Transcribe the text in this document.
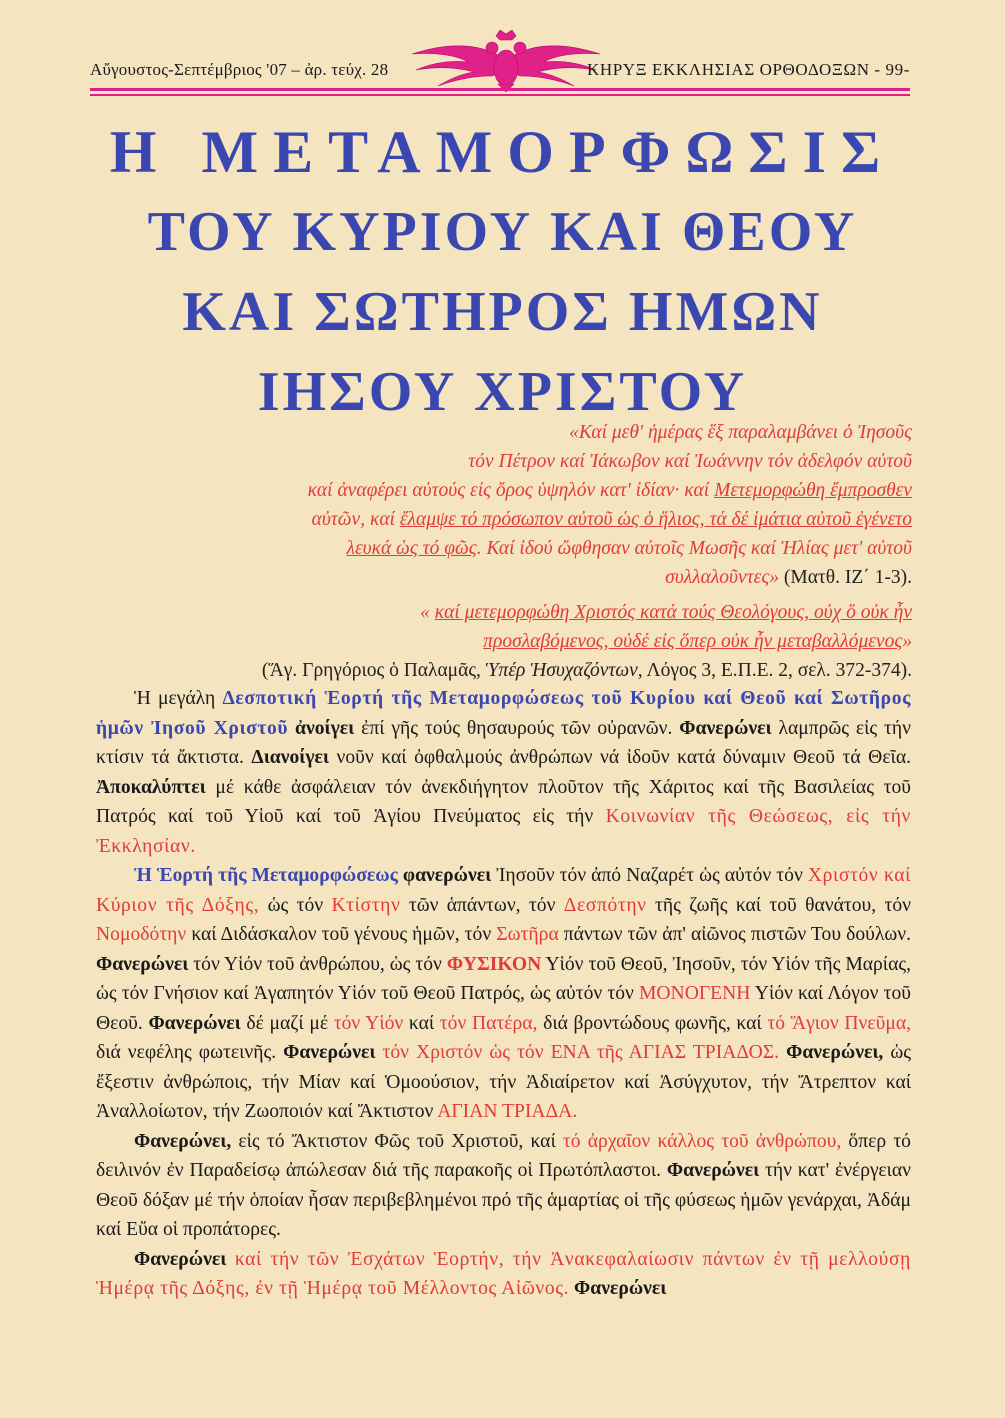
Αὔγουστος-Σεπτέμβριος '07 – ἀρ. τεύχ. 28	ΚΗΡΥΞ ΕΚΚΛΗΣΙΑΣ ΟΡΘΟΔΟΞΩΝ - 99-
Η ΜΕΤΑΜΟΡΦΩΣΙΣ
ΤΟΥ ΚΥΡΙΟΥ ΚΑΙ ΘΕΟΥ
ΚΑΙ ΣΩΤΗΡΟΣ ΗΜΩΝ
ΙΗΣΟΥ ΧΡΙΣΤΟΥ
«Καί μεθ' ἡμέρας ἕξ παραλαμβάνει ὁ Ἰησοῦς
τόν Πέτρον καί Ἰάκωβον καί Ἰωάννην τόν ἀδελφόν αὐτοῦ
καί ἀναφέρει αὐτούς εἰς ὄρος ὑψηλόν κατ' ἰδίαν· καί Μετεμορφώθη ἔμπροσθεν
αὐτῶν, καί ἔλαμψε τό πρόσωπον αὐτοῦ ὡς ὁ ἥλιος, τά δέ ἱμάτια αὐτοῦ ἐγένετο
λευκά ὡς τό φῶς. Καί ἰδού ὤφθησαν αὐτοῖς Μωσῆς καί Ἠλίας μετ' αὐτοῦ
συλλαλοῦντες» (Ματθ. ΙΖ΄ 1-3).
« καί μετεμορφώθη Χριστός κατά τούς Θεολόγους, οὐχ ὅ οὐκ ἦν
προσλαβόμενος, οὐδέ εἰς ὅπερ οὐκ ἦν μεταβαλλόμενος»
(Ἅγ. Γρηγόριος ὁ Παλαμᾶς, Ὑπέρ Ἡσυχαζόντων, Λόγος 3, Ε.Π.Ε. 2, σελ. 372-374).

Ἡ μεγάλη Δεσποτική Ἑορτή τῆς Μεταμορφώσεως τοῦ Κυρίου καί Θεοῦ καί Σωτῆρος ἡμῶν Ἰησοῦ Χριστοῦ ἀνοίγει ἐπί γῆς τούς θησαυρούς τῶν οὐρανῶν. Φανερώνει λαμπρῶς εἰς τήν κτίσιν τά ἄκτιστα. Διανοίγει νοῦν καί ὀφθαλμούς ἀνθρώπων νά ἰδοῦν κατά δύναμιν Θεοῦ τά Θεῖα. Ἀποκαλύπτει μέ κάθε ἀσφάλειαν τόν ἀνεκδιήγητον πλοῦτον τῆς Χάριτος καί τῆς Βασιλείας τοῦ Πατρός καί τοῦ Υἱοῦ καί τοῦ Ἁγίου Πνεύματος εἰς τήν Κοινωνίαν τῆς Θεώσεως, εἰς τήν Ἐκκλησίαν.

Ἡ Ἑορτή τῆς Μεταμορφώσεως φανερώνει Ἰησοῦν τόν ἀπό Ναζαρέτ ὡς αὐτόν τόν Χριστόν καί Κύριον τῆς Δόξης, ὡς τόν Κτίστην τῶν ἁπάντων, τόν Δεσπότην τῆς ζωῆς καί τοῦ θανάτου, τόν Νομοδότην καί Διδάσκαλον τοῦ γένους ἡμῶν, τόν Σωτῆρα πάντων τῶν ἀπ' αἰῶνος πιστῶν Του δούλων. Φανερώνει τόν Υἱόν τοῦ ἀνθρώπου, ὡς τόν ΦΥΣΙΚΟΝ Υἱόν τοῦ Θεοῦ, Ἰησοῦν, τόν Υἱόν τῆς Μαρίας, ὡς τόν Γνήσιον καί Ἀγαπητόν Υἱόν τοῦ Θεοῦ Πατρός, ὡς αὐτόν τόν ΜΟΝΟΓΕΝΗ Υἱόν καί Λόγον τοῦ Θεοῦ. Φανερώνει δέ μαζί μέ τόν Υἱόν καί τόν Πατέρα, διά βροντώδους φωνῆς, καί τό Ἅγιον Πνεῦμα, διά νεφέλης φωτεινῆς. Φανερώνει τόν Χριστόν ὡς τόν ΕΝΑ τῆς ΑΓΙΑΣ ΤΡΙΑΔΟΣ. Φανερώνει, ὡς ἔξεστιν ἀνθρώποις, τήν Μίαν καί Ὁμοούσιον, τήν Ἀδιαίρετον καί Ἀσύγχυτον, τήν Ἄτρεπτον καί Ἀναλλοίωτον, τήν Ζωοποιόν καί Ἄκτιστον ΑΓΙΑΝ ΤΡΙΑΔΑ.

Φανερώνει, εἰς τό Ἄκτιστον Φῶς τοῦ Χριστοῦ, καί τό ἀρχαῖον κάλλος τοῦ ἀνθρώπου, ὅπερ τό δειλινόν ἐν Παραδείσῳ ἀπώλεσαν διά τῆς παρακοῆς οἱ Πρωτόπλαστοι. Φανερώνει τήν κατ' ἐνέργειαν Θεοῦ δόξαν μέ τήν ὁποίαν ἦσαν περιβεβλημένοι πρό τῆς ἁμαρτίας οἱ τῆς φύσεως ἡμῶν γενάρχαι, Ἀδάμ καί Εὔα οἱ προπάτορες.

Φανερώνει καί τήν τῶν Ἐσχάτων Ἑορτήν, τήν Ἀνακεφαλαίωσιν πάντων ἐν τῇ μελλούσῃ Ἡμέρᾳ τῆς Δόξης, ἐν τῇ Ἡμέρᾳ τοῦ Μέλλοντος Αἰῶνος. Φανερώνει
